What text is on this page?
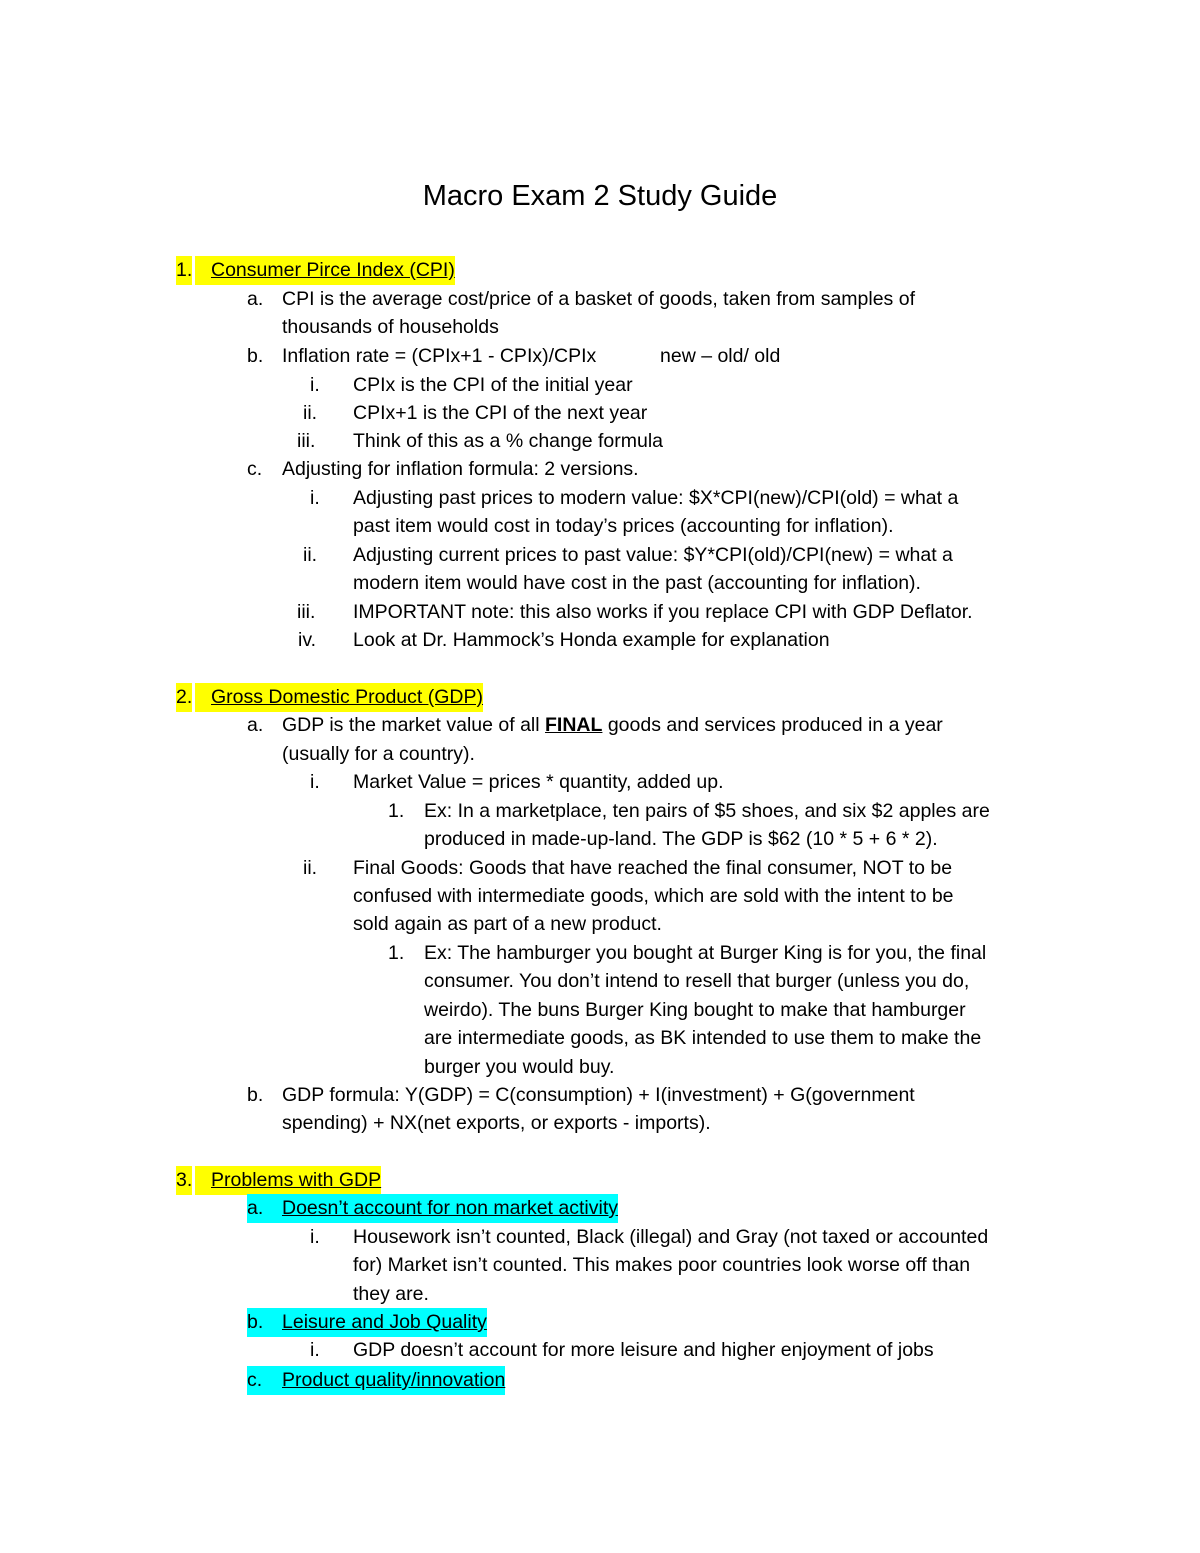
Macro Exam 2 Study Guide
1. Consumer Pirce Index (CPI)
a. CPI is the average cost/price of a basket of goods, taken from samples of
thousands of households
b. Inflation rate = (CPIx+1 - CPIx)/CPIx	new – old/ old
i. CPIx is the CPI of the initial year
ii. CPIx+1 is the CPI of the next year
iii. Think of this as a % change formula
c. Adjusting for inflation formula: 2 versions.
i. Adjusting past prices to modern value: $X*CPI(new)/CPI(old) = what a
past item would cost in today’s prices (accounting for inflation).
ii. Adjusting current prices to past value: $Y*CPI(old)/CPI(new) = what a
modern item would have cost in the past (accounting for inflation).
iii. IMPORTANT note: this also works if you replace CPI with GDP Deflator.
iv. Look at Dr. Hammock’s Honda example for explanation
2. Gross Domestic Product (GDP)
a. GDP is the market value of all FINAL goods and services produced in a year
(usually for a country).
i. Market Value = prices * quantity, added up.
1. Ex: In a marketplace, ten pairs of $5 shoes, and six $2 apples are
produced in made-up-land. The GDP is $62 (10 * 5 + 6 * 2).
ii. Final Goods: Goods that have reached the final consumer, NOT to be
confused with intermediate goods, which are sold with the intent to be
sold again as part of a new product.
1. Ex: The hamburger you bought at Burger King is for you, the final
consumer. You don’t intend to resell that burger (unless you do,
weirdo). The buns Burger King bought to make that hamburger
are intermediate goods, as BK intended to use them to make the
burger you would buy.
b. GDP formula: Y(GDP) = C(consumption) + I(investment) + G(government
spending) + NX(net exports, or exports - imports).
3. Problems with GDP
a. Doesn’t account for non market activity
i. Housework isn’t counted, Black (illegal) and Gray (not taxed or accounted
for) Market isn’t counted. This makes poor countries look worse off than
they are.
b. Leisure and Job Quality
i. GDP doesn’t account for more leisure and higher enjoyment of jobs
c.	Product quality/innovation
